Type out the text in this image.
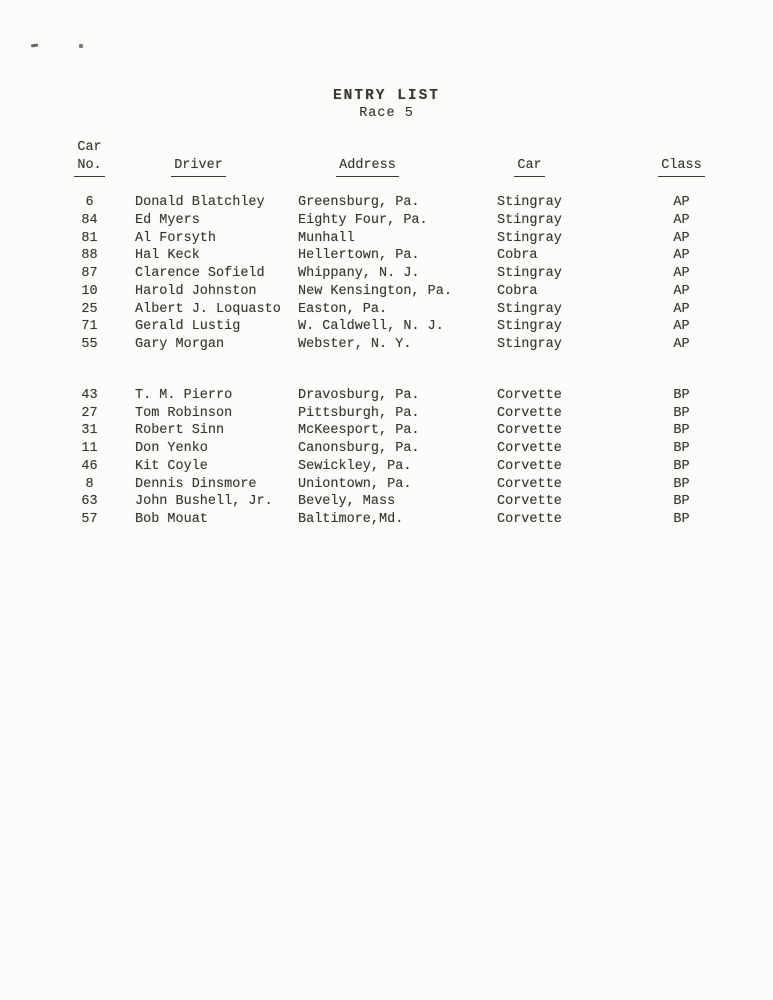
ENTRY LIST
Race 5
Car
No.	Driver	Address	Car	Class
6	Donald Blatchley	Greensburg, Pa.	Stingray	AP
84	Ed Myers	Eighty Four, Pa.	Stingray	AP
81	Al Forsyth	Munhall	Stingray	AP
88	Hal Keck	Hellertown, Pa.	Cobra	AP
87	Clarence Sofield	Whippany, N. J.	Stingray	AP
10	Harold Johnston	New Kensington, Pa.	Cobra	AP
25	Albert J. Loquasto	Easton, Pa.	Stingray	AP
71	Gerald Lustig	W. Caldwell, N. J.	Stingray	AP
55	Gary Morgan	Webster, N. Y.	Stingray	AP
43	T. M. Pierro	Dravosburg, Pa.	Corvette	BP
27	Tom Robinson	Pittsburgh, Pa.	Corvette	BP
31	Robert Sinn	McKeesport, Pa.	Corvette	BP
11	Don Yenko	Canonsburg, Pa.	Corvette	BP
46	Kit Coyle	Sewickley, Pa.	Corvette	BP
8	Dennis Dinsmore	Uniontown, Pa.	Corvette	BP
63	John Bushell, Jr.	Bevely, Mass	Corvette	BP
57	Bob Mouat	Baltimore,Md.	Corvette	BP
